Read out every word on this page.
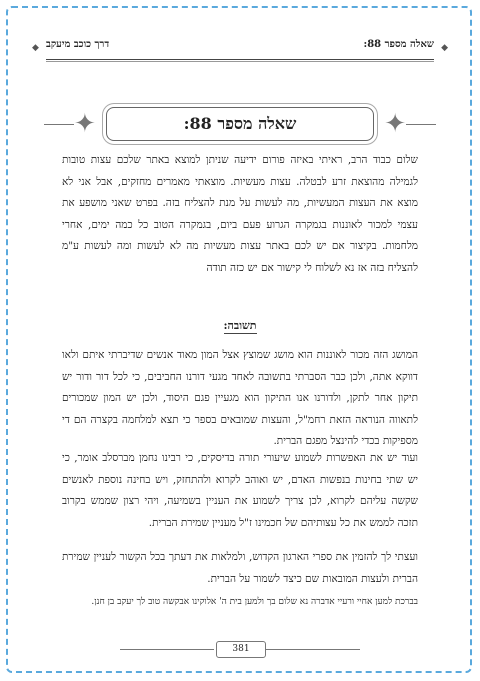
שאלה מספר 88: ◆
דרך כוכב מיעקב
◆
✦	✦
שאלה מספר 88:
שלום כבוד הרב, ראיתי באיזה פורום ידיעה שניתן למוצא באתר שלכם עצות טובות לגמילה מהוצאת זרע לבטלה. עצות מעשיות. מוצאתי מאמרים מחזקים, אבל אני לא מוצא את העצות המעשיות, מה לעשות על מנת להצליח בזה. בפרט שאני מושפע את עצמי למכור לאוננות בגמקרה הגרוע פעם ביום, בגמקרה הטוב כל כמה ימים, אחרי מלחמות. בקיצור אם יש לכם באתר עצות מעשיות מה לא לעשות ומה לעשות ע"מ להצליח בזה אז נא לשלוח לי קישור אם יש כזה תודה
תשובה:
המושג הזה מכור לאוננות הוא מושג שמוצץ אצל המון מאוד אנשים שדיברתי איתם ולאו דווקא אתה, ולכן כבר הסברתי בתשובה לאחד מגעי דורנו החביבים, כי לכל דור ודור יש תיקון אחר לתקן, ולדורנו אנו התיקון הוא מגעיין פגם היסוד, ולכן יש המון שמכורים לתאווה הנוראה הזאת רחמ"ל, והעצות שמובאים בספר כי תצא למלחמה בקצרה הם די מספיקות בכדי להינצל מפגם הברית.
ועוד יש את האפשרות לשמוע שיעורי תורה בדיסקים, כי רבינו נחמן מברסלב אומר, כי יש שתי בחינות בנפשות האדם, יש ואוהב לקרוא ולהתחזק, ויש בחינה נוספת לאנשים שקשה עליהם לקרוא, לכן צריך לשמוע את העניין בשמיעה, ויהי רצון שממש בקרוב תזכה לממש את כל עצותיהם של חכמינו ז"ל מעניין שמירת הברית.
ועצתי לך להזמין את ספרי הארגון הקדוש, ולמלאות את דעתך בכל הקשור לעניין שמירת הברית ולעצות המובאות שם כיצד לשמור על הברית.
בברכת למען אחיי ורעיי אדברה נא שלום בך ולמען בית ה' אלוקינו אבקשה טוב לך יעקב בן חנן.
381
